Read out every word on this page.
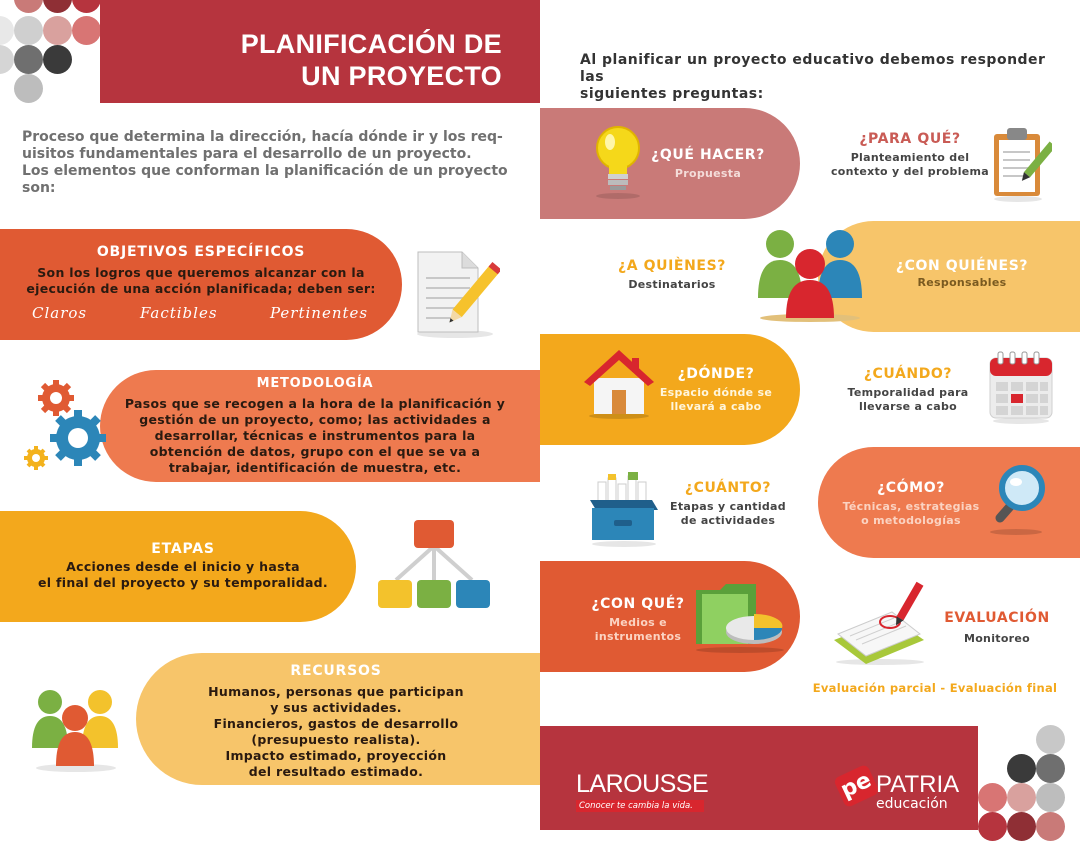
PLANIFICACIÓN DE
UN PROYECTO
Proceso que determina la dirección, hacía dónde ir y los req-
uisitos fundamentales para el desarrollo de un proyecto.
Los elementos que conforman la planificación de un proyecto
son:
Al planificar un proyecto educativo debemos responder las
siguientes preguntas:
OBJETIVOS ESPECÍFICOS
Son los logros que queremos alcanzar con la
ejecución de una acción planificada; deben ser:
Claros	Factibles	Pertinentes
METODOLOGÍA
Pasos que se recogen a la hora de la planificación y
gestión de un proyecto, como; las actividades a
desarrollar, técnicas e instrumentos para la
obtención de datos, grupo con el que se va a
trabajar, identificación de muestra, etc.
ETAPAS
Acciones desde el inicio y hasta
el final del proyecto y su temporalidad.
RECURSOS
Humanos, personas que participan
y sus actividades.
Financieros, gastos de desarrollo
(presupuesto realista).
Impacto estimado, proyección
del resultado estimado.
¿QUÉ HACER?
Propuesta
¿PARA QUÉ?
Planteamiento del
contexto y del problema
¿A QUIÈNES?
Destinatarios
¿CON QUIÉNES?
Responsables
¿DÓNDE?
Espacio dónde se
llevará a cabo
¿CUÁNDO?
Temporalidad para
llevarse a cabo
¿CUÁNTO?
Etapas y cantidad
de actividades
¿CÓMO?
Técnicas, estrategias
o metodologías
¿CON QUÉ?
Medios e
instrumentos
EVALUACIÓN
Monitoreo
Evaluación parcial - Evaluación final
LAROUSSE
Conocer te cambia la vida.
pe PATRIA
educación
